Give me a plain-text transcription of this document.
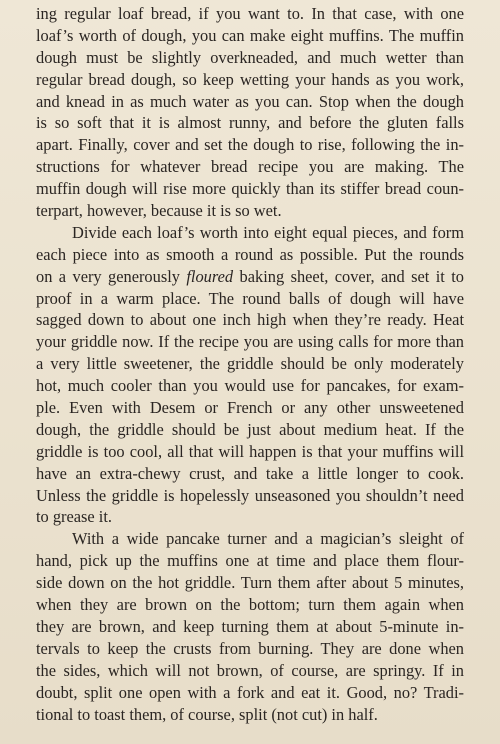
ing regular loaf bread, if you want to. In that case, with one
loaf’s worth of dough, you can make eight muffins. The muffin
dough must be slightly overkneaded, and much wetter than
regular bread dough, so keep wetting your hands as you work,
and knead in as much water as you can. Stop when the dough
is so soft that it is almost runny, and before the gluten falls
apart. Finally, cover and set the dough to rise, following the in-
structions for whatever bread recipe you are making. The
muffin dough will rise more quickly than its stiffer bread coun-
terpart, however, because it is so wet.
Divide each loaf’s worth into eight equal pieces, and form
each piece into as smooth a round as possible. Put the rounds
on a very generously floured baking sheet, cover, and set it to
proof in a warm place. The round balls of dough will have
sagged down to about one inch high when they’re ready. Heat
your griddle now. If the recipe you are using calls for more than
a very little sweetener, the griddle should be only moderately
hot, much cooler than you would use for pancakes, for exam-
ple. Even with Desem or French or any other unsweetened
dough, the griddle should be just about medium heat. If the
griddle is too cool, all that will happen is that your muffins will
have an extra-chewy crust, and take a little longer to cook.
Unless the griddle is hopelessly unseasoned you shouldn’t need
to grease it.
With a wide pancake turner and a magician’s sleight of
hand, pick up the muffins one at time and place them flour-
side down on the hot griddle. Turn them after about 5 minutes,
when they are brown on the bottom; turn them again when
they are brown, and keep turning them at about 5-minute in-
tervals to keep the crusts from burning. They are done when
the sides, which will not brown, of course, are springy. If in
doubt, split one open with a fork and eat it. Good, no? Tradi-
tional to toast them, of course, split (not cut) in half.
